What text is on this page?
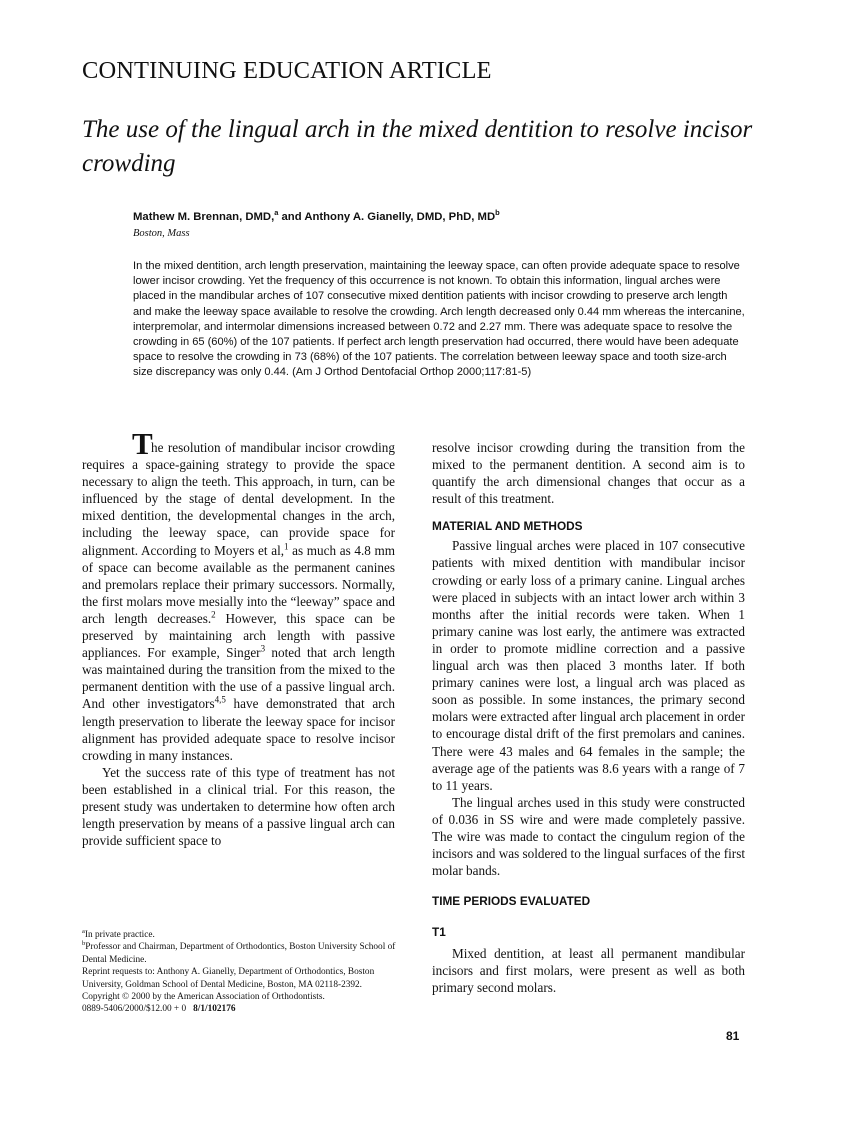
CONTINUING EDUCATION ARTICLE
The use of the lingual arch in the mixed dentition to resolve incisor crowding
Mathew M. Brennan, DMD,$^a$ and Anthony A. Gianelly, DMD, PhD, $MD^b$
Boston, Mass
In the mixed dentition, arch length preservation, maintaining the leeway space, can often provide adequate space to resolve lower incisor crowding. Yet the frequency of this occurrence is not known. To obtain this information, lingual arches were placed in the mandibular arches of 107 consecutive mixed dentition patients with incisor crowding to preserve arch length and make the leeway space available to resolve the crowding. Arch length decreased only 0.44 mm whereas the intercanine, interpremolar, and intermolar dimensions increased between 0.72 and 2.27 mm. There was adequate space to resolve the crowding in 65 (60%) of the 107 patients. If perfect arch length preservation had occurred, there would have been adequate space to resolve the crowding in 73 (68%) of the 107 patients. The correlation between leeway space and tooth size-arch size discrepancy was only 0.44. (Am J Orthod Dentofacial Orthop 2000;117:81-5)

T
he resolution of mandibular incisor crowding requires a space-gaining strategy to provide the space necessary to align the teeth. This approach, in turn, can be influenced by the stage of dental development. In the mixed dentition, the developmental changes in the arch, including the leeway space, can provide space for alignment. According to Moyers et al,$^1$ as much as 4.8 mm of space can become available as the permanent canines and premolars replace their primary successors. Normally, the first molars move mesially into the “leeway” space and arch length decreases.$^2$ However, this space can be preserved by maintaining arch length with passive appliances. For example, Singer$^3$ noted that arch length was maintained during the transition from the mixed to the permanent dentition with the use of a passive lingual arch. And other investigators$^{4,5}$ have demonstrated that arch length preservation to liberate the leeway space for incisor alignment has provided adequate space to resolve incisor crowding in many instances.

Yet the success rate of this type of treatment has not been established in a clinical trial. For this reason, the present study was undertaken to determine how often arch length preservation by means of a passive lingual arch can provide sufficient space to

resolve incisor crowding during the transition from the mixed to the permanent dentition. A second aim is to quantify the arch dimensional changes that occur as a result of this treatment.

MATERIAL AND METHODS

Passive lingual arches were placed in 107 consecutive patients with mixed dentition with mandibular incisor crowding or early loss of a primary canine. Lingual arches were placed in subjects with an intact lower arch within 3 months after the initial records were taken. When 1 primary canine was lost early, the antimere was extracted in order to promote midline correction and a passive lingual arch was then placed 3 months later. If both primary canines were lost, a lingual arch was placed as soon as possible. In some instances, the primary second molars were extracted after lingual arch placement in order to encourage distal drift of the first premolars and canines. There were 43 males and 64 females in the sample; the average age of the patients was 8.6 years with a range of 7 to 11 years.

The lingual arches used in this study were constructed of 0.036 in SS wire and were made completely passive. The wire was made to contact the cingulum region of the incisors and was soldered to the lingual surfaces of the first molar bands.

TIME PERIODS EVALUATED

T1

Mixed dentition, at least all permanent mandibular incisors and first molars, were present as well as both primary second molars.

$^a$In private practice.

$^b$Professor and Chairman, Department of Orthodontics, Boston University School of Dental Medicine.

Reprint requests to: Anthony A. Gianelly, Department of Orthodontics, Boston University, Goldman School of Dental Medicine, Boston, MA 02118-2392.

Copyright © 2000 by the American Association of Orthodontists.

0889-5406/2000/$12.00 + 0 8/1/102176

81
